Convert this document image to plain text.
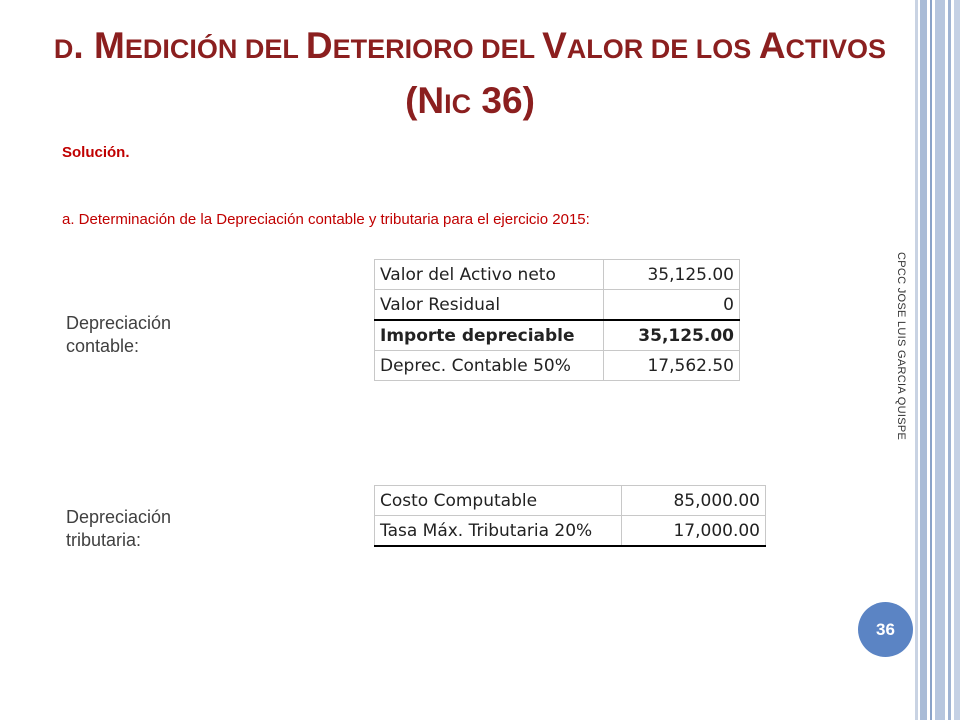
D. MEDICIÓN DEL DETERIORO DEL VALOR DE LOS ACTIVOS
(NIC 36)
Solución.
a. Determinación de la Depreciación contable y tributaria para el ejercicio 2015:
Depreciación contable:
Depreciación tributaria:
Valor del Activo neto	35,125.00
Valor Residual	0
Importe depreciable	35,125.00
Deprec. Contable 50%	17,562.50
Costo Computable	85,000.00
Tasa Máx. Tributaria 20%	17,000.00
CPCC JOSE LUIS GARCIA QUISPE
36
